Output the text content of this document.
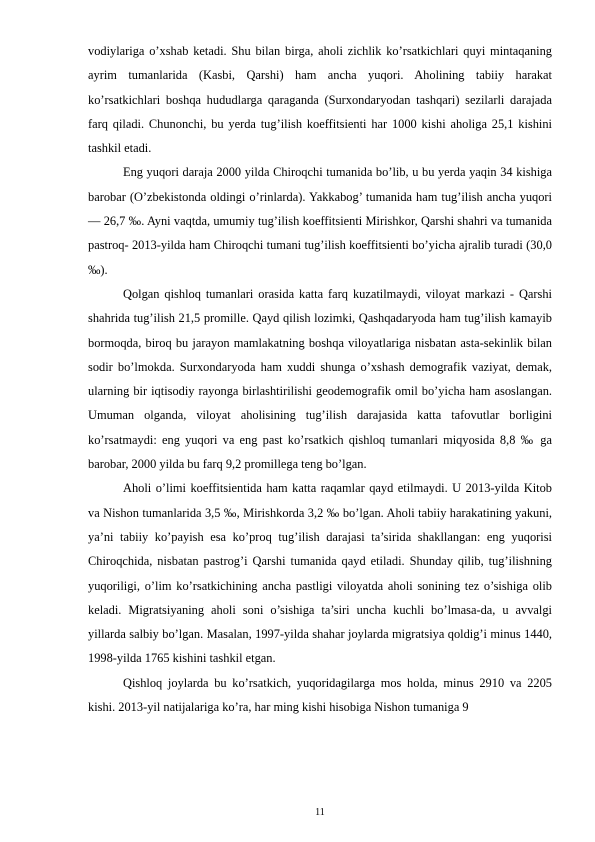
vodiylariga o’xshab ketadi. Shu bilan birga, aholi zichlik ko’rsatkichlari quyi mintaqaning ayrim tumanlarida (Kasbi, Qarshi) ham ancha yuqori. Aholining tabiiy harakat ko’rsatkichlari boshqa hududlarga qaraganda (Surxondaryodan tashqari) sezilarli darajada farq qiladi. Chunonchi, bu yerda tug’ilish koeffitsienti har 1000 kishi aholiga 25,1 kishini tashkil etadi.

Eng yuqori daraja 2000 yilda Chiroqchi tumanida bo’lib, u bu yerda yaqin 34 kishiga barobar (O’zbekistonda oldingi o’rinlarda). Yakkabog’ tumanida ham tug’ilish ancha yuqori — 26,7 ‰. Ayni vaqtda, umumiy tug’ilish koeffitsienti Mirishkor, Qarshi shahri va tumanida pastroq- 2013-yilda ham Chiroqchi tumani tug’ilish koeffitsienti bo’yicha ajralib turadi (30,0 ‰).

Qolgan qishloq tumanlari orasida katta farq kuzatilmaydi, viloyat markazi - Qarshi shahrida tug’ilish 21,5 promille. Qayd qilish lozimki, Qashqadaryoda ham tug’ilish kamayib bormoqda, biroq bu jarayon mamlakatning boshqa viloyatlariga nisbatan asta-sekinlik bilan sodir bo’lmokda. Surxondaryoda ham xuddi shunga o’xshash demografik vaziyat, demak, ularning bir iqtisodiy rayonga birlashtirilishi geodemografik omil bo’yicha ham asoslangan. Umuman olganda, viloyat aholisining tug’ilish darajasida katta tafovutlar borligini ko’rsatmaydi: eng yuqori va eng past ko’rsatkich qishloq tumanlari miqyosida 8,8 ‰ ga barobar, 2000 yilda bu farq 9,2 promillega teng bo’lgan.

Aholi o’limi koeffitsientida ham katta raqamlar qayd etilmaydi. U 2013-yilda Kitob va Nishon tumanlarida 3,5 ‰, Mirishkorda 3,2 ‰ bo’lgan. Aholi tabiiy harakatining yakuni, ya’ni tabiiy ko’payish esa ko’proq tug’ilish darajasi ta’sirida shakllangan: eng yuqorisi Chiroqchida, nisbatan pastrog’i Qarshi tumanida qayd etiladi. Shunday qilib, tug’ilishning yuqoriligi, o’lim ko’rsatkichining ancha pastligi viloyatda aholi sonining tez o’sishiga olib keladi. Migratsiyaning aholi soni o’sishiga ta’siri uncha kuchli bo’lmasa-da, u avvalgi yillarda salbiy bo’lgan. Masalan, 1997-yilda shahar joylarda migratsiya qoldig’i minus 1440, 1998-yilda 1765 kishini tashkil etgan.

Qishloq joylarda bu ko’rsatkich, yuqoridagilarga mos holda, minus 2910 va 2205 kishi. 2013-yil natijalariga ko’ra, har ming kishi hisobiga Nishon tumaniga 9

11
